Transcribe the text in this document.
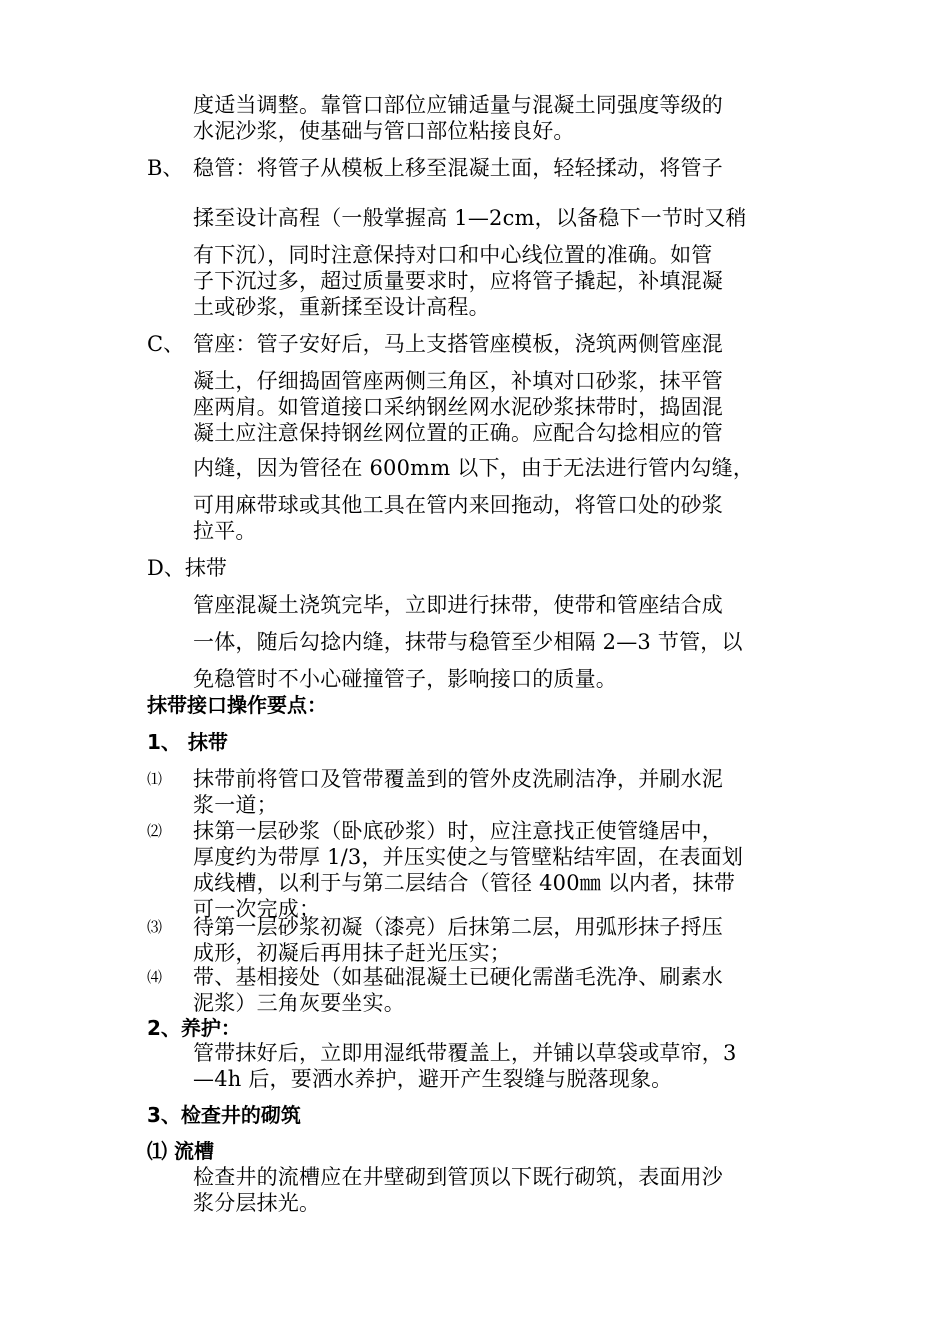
度适当调整。靠管口部位应铺适量与混凝土同强度等级的
水泥沙浆，使基础与管口部位粘接良好。
B、 稳管：将管子从模板上移至混凝土面，轻轻揉动，将管子
揉至设计高程（一般掌握高 1—2cm，以备稳下一节时又稍
有下沉），同时注意保持对口和中心线位置的准确。如管
子下沉过多，超过质量要求时，应将管子撬起，补填混凝
土或砂浆，重新揉至设计高程。
C、 管座：管子安好后，马上支搭管座模板，浇筑两侧管座混
凝土，仔细捣固管座两侧三角区，补填对口砂浆，抹平管
座两肩。如管道接口采纳钢丝网水泥砂浆抹带时，捣固混
凝土应注意保持钢丝网位置的正确。应配合勾捻相应的管
内缝，因为管径在 600mm 以下，由于无法进行管内勾缝，
可用麻带球或其他工具在管内来回拖动，将管口处的砂浆
拉平。
D、抹带
管座混凝土浇筑完毕，立即进行抹带，使带和管座结合成
一体，随后勾捻内缝，抹带与稳管至少相隔 2—3 节管，以
免稳管时不小心碰撞管子，影响接口的质量。
抹带接口操作要点：
1、 抹带
⑴ 抹带前将管口及管带覆盖到的管外皮洗刷洁净，并刷水泥
浆一道；
⑵ 抹第一层砂浆（卧底砂浆）时，应注意找正使管缝居中，
厚度约为带厚 1/3，并压实使之与管壁粘结牢固，在表面划
成线槽，以利于与第二层结合（管径 400㎜ 以内者，抹带
可一次完成；
⑶ 待第一层砂浆初凝（漆亮）后抹第二层，用弧形抹子捋压
成形，初凝后再用抹子赶光压实；
⑷ 带、基相接处（如基础混凝土已硬化需凿毛洗净、刷素水
泥浆）三角灰要坐实。
2、养护：
管带抹好后，立即用湿纸带覆盖上，并铺以草袋或草帘，3
—4h 后，要洒水养护，避开产生裂缝与脱落现象。
3、检查井的砌筑
⑴ 流槽
检查井的流槽应在井壁砌到管顶以下既行砌筑，表面用沙
浆分层抹光。
